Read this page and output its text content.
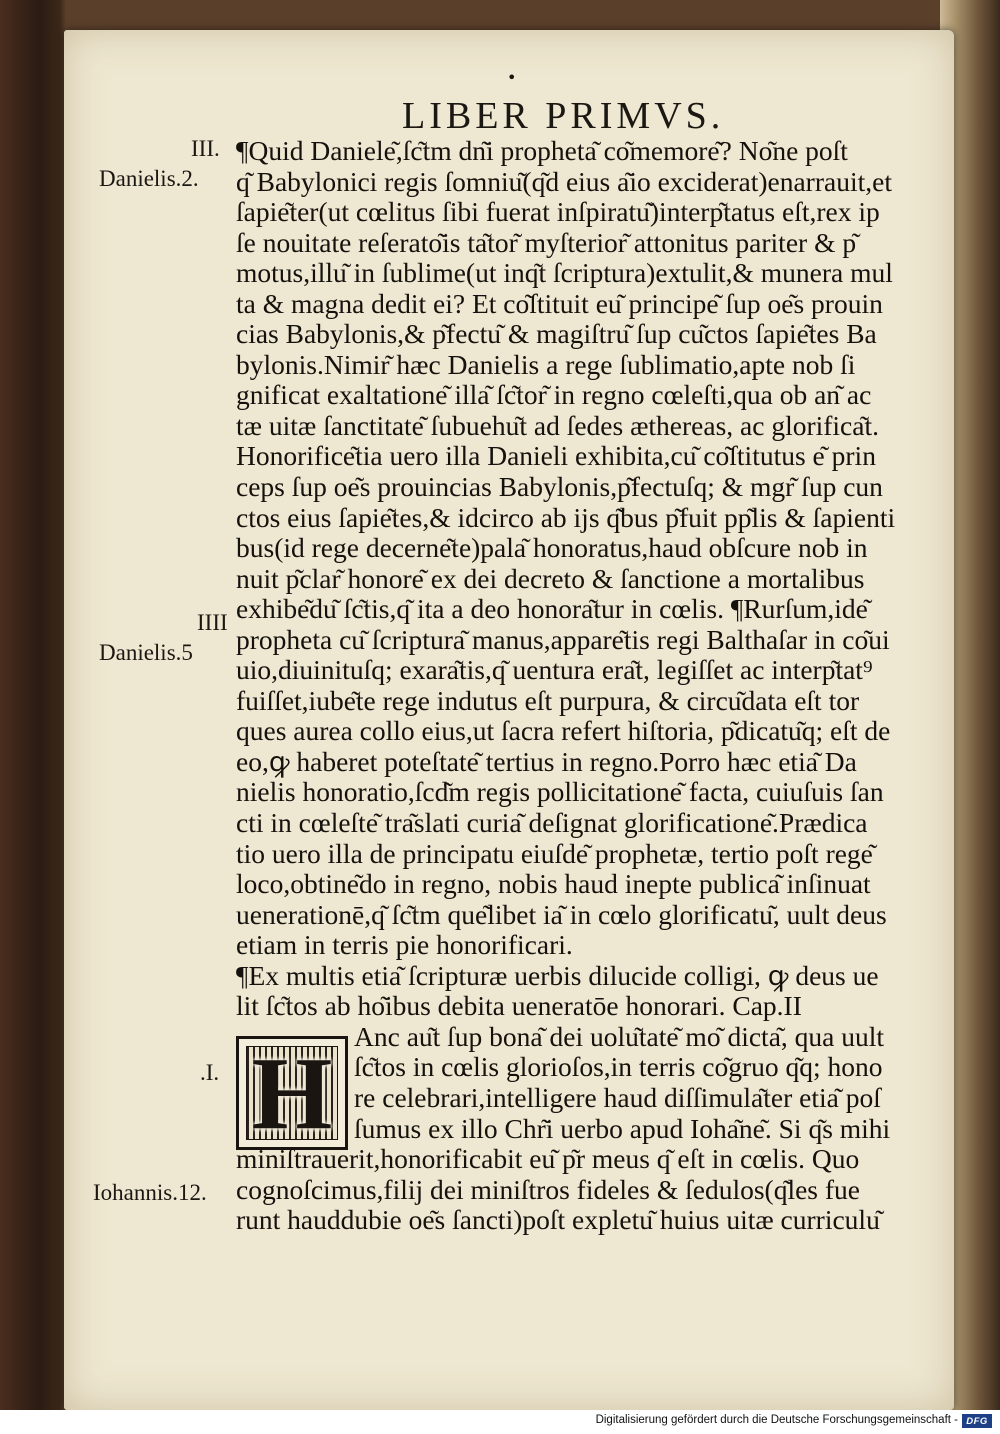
•
LIBER PRIMVS.
III.
Danielis.2.
IIII
Danielis.5
.I.
Iohannis.12.
H
¶Quid Daniele͂,ſc͂tm dn͂i propheta͂ co͂memore͂? No͂ne poſt
q͂ Babylonici regis ſomniu͂(q͂d eius a͂io exciderat)enarrauit,et
ſapie͂ter(ut cœlitus ſibi fuerat inſpiratu͂)interp͂tatus eſt,rex ip
ſe nouitate reſerato͂is ta͂tor͂ myſterior͂ attonitus pariter & p͂
motus,illu͂ in ſublime(ut inq͂t ſcriptura)extulit,& munera mul
ta & magna dedit ei? Et co͂ſtituit eu͂ principe͂ ſup oe͂s prouin
cias Babylonis,& p͂fectu͂ & magiſtru͂ ſup cu͂ctos ſapie͂tes Ba
bylonis.Nimir͂ hæc Danielis a rege ſublimatio,apte nob ſi
gnificat exaltatione͂ illa͂ ſc͂tor͂ in regno cœleſti,qua ob an͂ ac
tæ uitæ ſanctitate͂ ſubuehu͂t ad ſedes æthereas, ac glorifica͂t.
Honorifice͂tia uero illa Danieli exhibita,cu͂ co͂ſtitutus e͂ prin
ceps ſup oe͂s prouincias Babylonis,p͂fectuſq; & mgr͂ ſup cun
ctos eius ſapie͂tes,& idcirco ab ijs q͂bus p͂fuit pp͂lis & ſapienti
bus(id rege decerne͂te)pala͂ honoratus,haud obſcure nob in
nuit p͂clar͂ honore͂ ex dei decreto & ſanctione a mortalibus
exhibe͂du͂ ſc͂tis,q͂ ita a deo honora͂tur in cœlis. ¶Rurſum,ide͂
propheta cu͂ ſcriptura͂ manus,appare͂tis regi Balthaſar in co͂ui
uio,diuinituſq; exara͂tis,q͂ uentura era͂t, legiſſet ac interp͂tat⁹
fuiſſet,iube͂te rege indutus eſt purpura, & circu͂data eſt tor
ques aurea collo eius,ut ſacra refert hiſtoria, p͂dicatu͂q; eſt de
eo,ꝙ haberet poteſtate͂ tertius in regno.Porro hæc etia͂ Da
nielis honoratio,ſcd͂m regis pollicitatione͂ facta, cuiuſuis ſan
cti in cœleſte͂ tra͂slati curia͂ deſignat glorificatione͂.Prædica
tio uero illa de principatu eiuſde͂ prophetæ, tertio poſt rege͂
loco,obtine͂do in regno, nobis haud inepte publica͂ inſinuat
uenerationē,q͂ ſc͂tm que͂libet ia͂ in cœlo glorificatu͂, uult deus
etiam in terris pie honorificari.
¶Ex multis etia͂ ſcripturæ uerbis dilucide colligi, ꝙ deus ue
lit ſc͂tos ab ho͂ibus debita ueneratōe honorari. Cap.II
Anc au͂t ſup bona͂ dei uolu͂tate͂ mo͂ dicta͂, qua uult
ſc͂tos in cœlis glorioſos,in terris co͂gruo q͂q; hono
re celebrari,intelligere haud diſſimula͂ter etia͂ poſ
ſumus ex illo Chr͂i uerbo apud Ioha͂ne͂. Si q͂s mihi
miniſtrauerit,honorificabit eu͂ p͂r meus q͂ eſt in cœlis. Quo
cognoſcimus,filij dei miniſtros fideles & ſedulos(q͂les fue
runt hauddubie oe͂s ſancti)poſt expletu͂ huius uitæ curriculu͂
Digitalisierung gefördert durch die Deutsche Forschungsgemeinschaft - DFG
